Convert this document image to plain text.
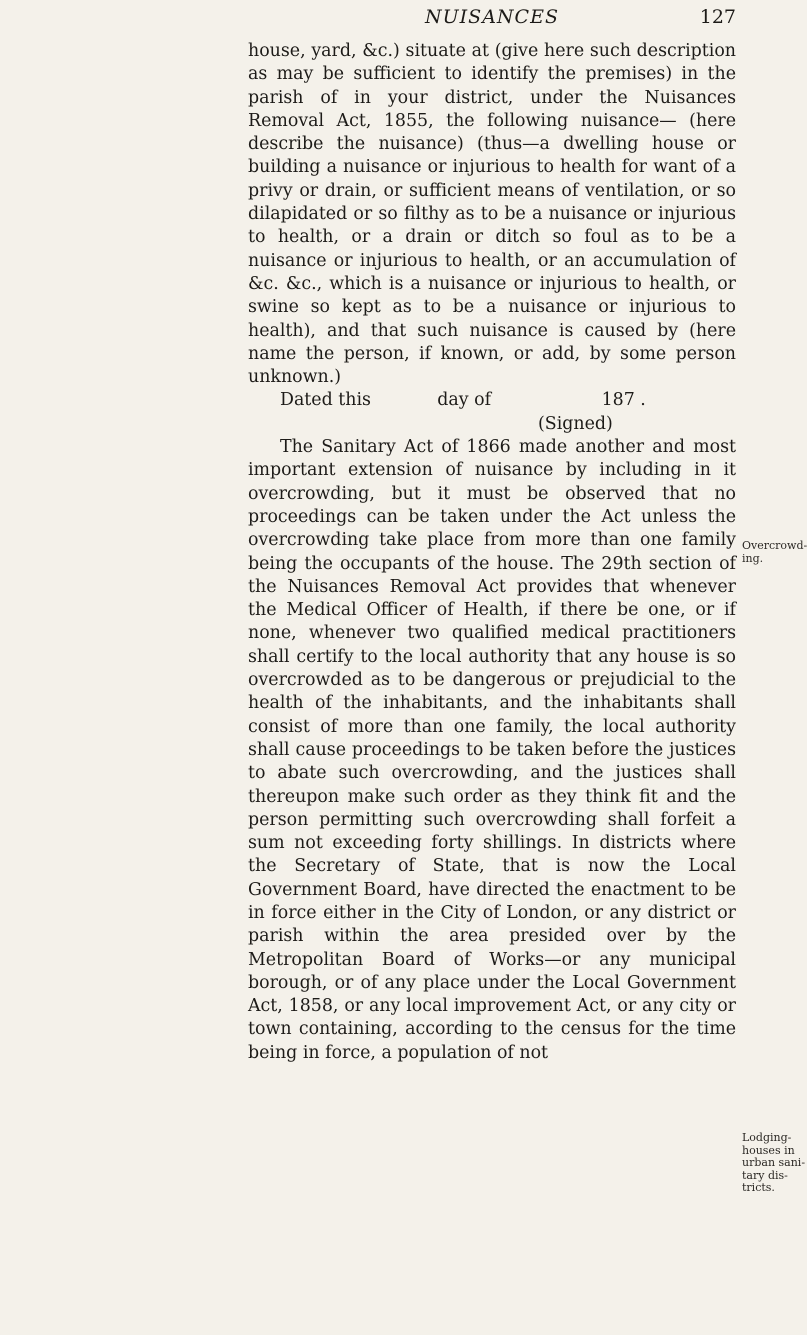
NUISANCES	127

house, yard, &c.) situate at (give here such description as may be sufficient to identify the premises) in the parish of in your district, under the Nuisances Removal Act, 1855, the following nuisance— (here describe the nuisance) (thus—a dwelling house or building a nuisance or injurious to health for want of a privy or drain, or sufficient means of ventilation, or so dilapidated or so filthy as to be a nuisance or injurious to health, or a drain or ditch so foul as to be a nuisance or injurious to health, or an accumulation of &c. &c., which is a nuisance or injurious to health, or swine so kept as to be a nuisance or injurious to health), and that such nuisance is caused by (here name the person, if known, or add, by some person unknown.)

Dated this            day of                    187 .

(Signed)

The Sanitary Act of 1866 made another and most important extension of nuisance by including in it overcrowding, but it must be observed that no proceedings can be taken under the Act unless the overcrowding take place from more than one family being the occupants of the house. The 29th section of the Nuisances Removal Act provides that whenever the Medical Officer of Health, if there be one, or if none, whenever two qualified medical practitioners shall certify to the local authority that any house is so overcrowded as to be dangerous or prejudicial to the health of the inhabitants, and the inhabitants shall consist of more than one family, the local authority shall cause proceedings to be taken before the justices to abate such overcrowding, and the justices shall thereupon make such order as they think fit and the person permitting such overcrowding shall forfeit a sum not exceeding forty shillings. In districts where the Secretary of State, that is now the Local Government Board, have directed the enactment to be in force either in the City of London, or any district or parish within the area presided over by the Metropolitan Board of Works—or any municipal borough, or of any place under the Local Government Act, 1858, or any local improvement Act, or any city or town containing, according to the census for the time being in force, a population of not

Overcrowd-
ing.
Lodging-
houses in
urban sani-
tary dis-
tricts.
